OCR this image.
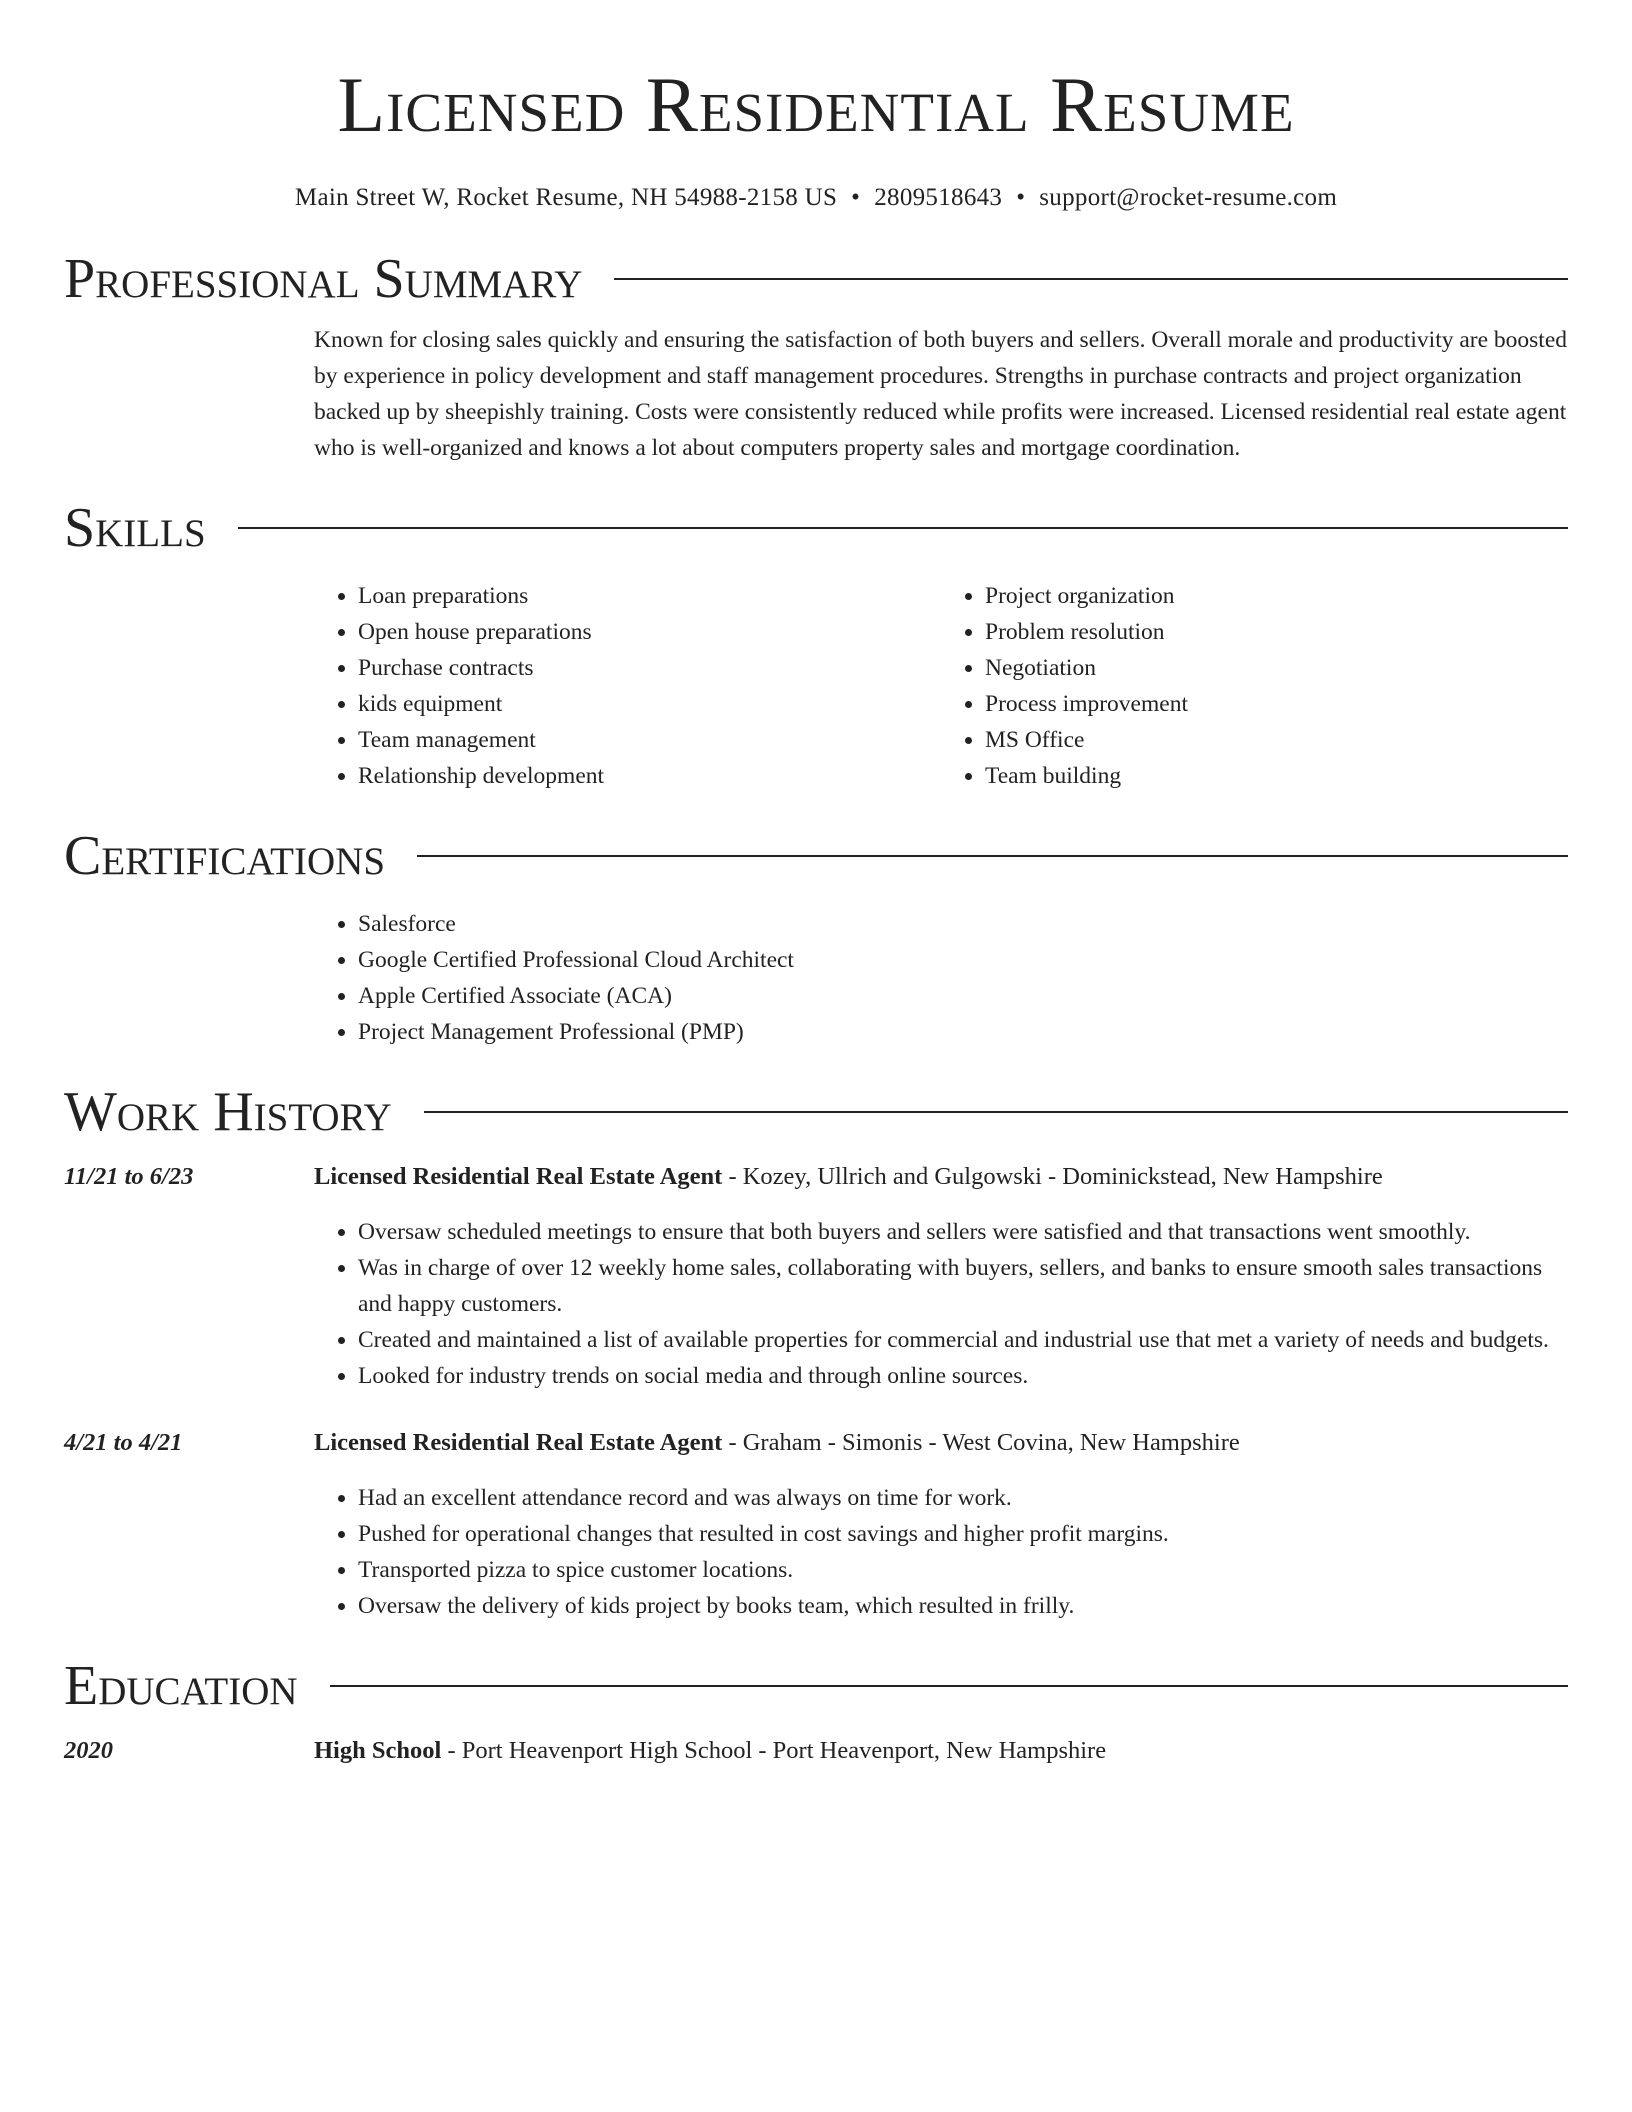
Licensed Residential Resume
Main Street W, Rocket Resume, NH 54988-2158 US • 2809518643 • support@rocket-resume.com
Professional Summary

Known for closing sales quickly and ensuring the satisfaction of both buyers and sellers. Overall morale and productivity are boosted by experience in policy development and staff management procedures. Strengths in purchase contracts and project organization backed up by sheepishly training. Costs were consistently reduced while profits were increased. Licensed residential real estate agent who is well-organized and knows a lot about computers property sales and mortgage coordination.

Skills
• Loan preparations
• Open house preparations
• Purchase contracts
• kids equipment
• Team management
• Relationship development
• Project organization
• Problem resolution
• Negotiation
• Process improvement
• MS Office
• Team building
Certifications
• Salesforce
• Google Certified Professional Cloud Architect
• Apple Certified Associate (ACA)
• Project Management Professional (PMP)
Work History
11/21 to 6/23	Licensed Residential Real Estate Agent - Kozey, Ullrich and Gulgowski - Dominickstead, New Hampshire
• Oversaw scheduled meetings to ensure that both buyers and sellers were satisfied and that transactions went smoothly.
• Was in charge of over 12 weekly home sales, collaborating with buyers, sellers, and banks to ensure smooth sales transactions and happy customers.
• Created and maintained a list of available properties for commercial and industrial use that met a variety of needs and budgets.
• Looked for industry trends on social media and through online sources.
4/21 to 4/21	Licensed Residential Real Estate Agent - Graham - Simonis - West Covina, New Hampshire
• Had an excellent attendance record and was always on time for work.
• Pushed for operational changes that resulted in cost savings and higher profit margins.
• Transported pizza to spice customer locations.
• Oversaw the delivery of kids project by books team, which resulted in frilly.
Education
2020	High School - Port Heavenport High School - Port Heavenport, New Hampshire
